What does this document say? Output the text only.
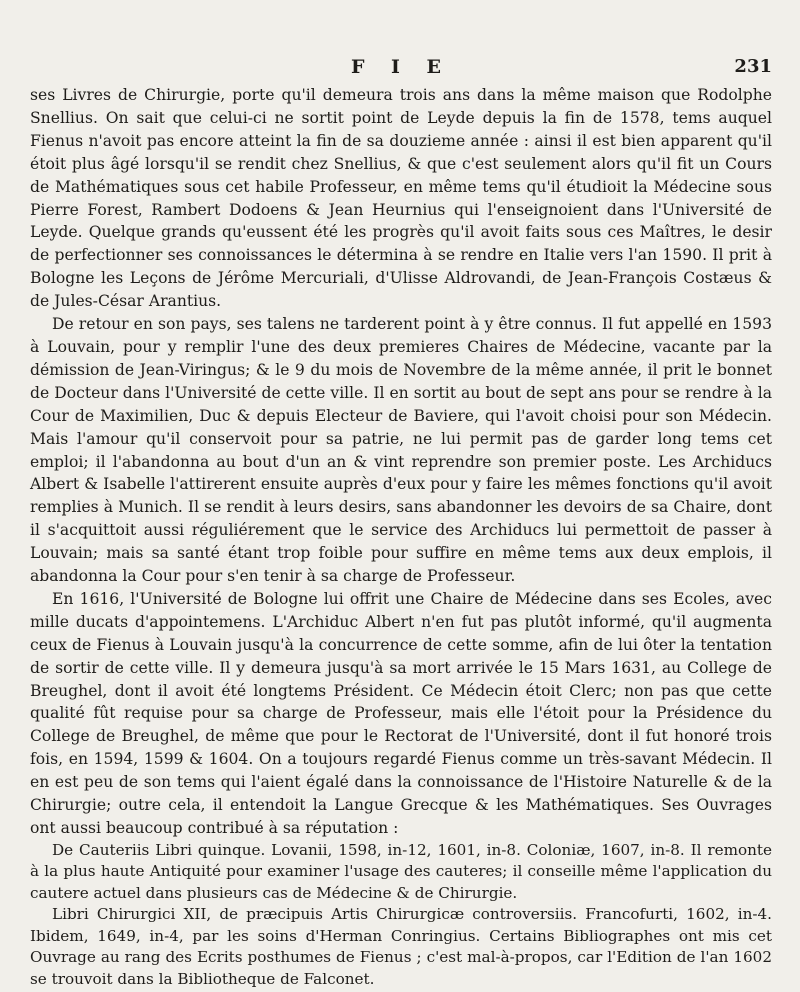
F I E	231

ses Livres de Chirurgie, porte qu'il demeura trois ans dans la même maison que Rodolphe Snellius. On sait que celui-ci ne sortit point de Leyde depuis la fin de 1578, tems auquel Fienus n'avoit pas encore atteint la fin de sa douzieme année : ainsi il est bien apparent qu'il étoit plus âgé lorsqu'il se rendit chez Snellius, & que c'est seulement alors qu'il fit un Cours de Mathématiques sous cet habile Professeur, en même tems qu'il étudioit la Médecine sous Pierre Forest, Rambert Dodoens & Jean Heurnius qui l'enseignoient dans l'Université de Leyde. Quelque grands qu'eussent été les progrès qu'il avoit faits sous ces Maîtres, le desir de perfectionner ses connoissances le détermina à se rendre en Italie vers l'an 1590. Il prit à Bologne les Leçons de Jérôme Mercuriali, d'Ulisse Aldrovandi, de Jean-François Costæus & de Jules-César Arantius.

De retour en son pays, ses talens ne tarderent point à y être connus. Il fut appellé en 1593 à Louvain, pour y remplir l'une des deux premieres Chaires de Médecine, vacante par la démission de Jean-Viringus; & le 9 du mois de Novembre de la même année, il prit le bonnet de Docteur dans l'Université de cette ville. Il en sortit au bout de sept ans pour se rendre à la Cour de Maximilien, Duc & depuis Electeur de Baviere, qui l'avoit choisi pour son Médecin. Mais l'amour qu'il conservoit pour sa patrie, ne lui permit pas de garder long tems cet emploi; il l'abandonna au bout d'un an & vint reprendre son premier poste. Les Archiducs Albert & Isabelle l'attirerent ensuite auprès d'eux pour y faire les mêmes fonctions qu'il avoit remplies à Munich. Il se rendit à leurs desirs, sans abandonner les devoirs de sa Chaire, dont il s'acquittoit aussi réguliérement que le service des Archiducs lui permettoit de passer à Louvain; mais sa santé étant trop foible pour suffire en même tems aux deux emplois, il abandonna la Cour pour s'en tenir à sa charge de Professeur.

En 1616, l'Université de Bologne lui offrit une Chaire de Médecine dans ses Ecoles, avec mille ducats d'appointemens. L'Archiduc Albert n'en fut pas plutôt informé, qu'il augmenta ceux de Fienus à Louvain jusqu'à la concurrence de cette somme, afin de lui ôter la tentation de sortir de cette ville. Il y demeura jusqu'à sa mort arrivée le 15 Mars 1631, au College de Breughel, dont il avoit été longtems Président. Ce Médecin étoit Clerc; non pas que cette qualité fût requise pour sa charge de Professeur, mais elle l'étoit pour la Présidence du College de Breughel, de même que pour le Rectorat de l'Université, dont il fut honoré trois fois, en 1594, 1599 & 1604. On a toujours regardé Fienus comme un très-savant Médecin. Il en est peu de son tems qui l'aient égalé dans la connoissance de l'Histoire Naturelle & de la Chirurgie; outre cela, il entendoit la Langue Grecque & les Mathématiques. Ses Ouvrages ont aussi beaucoup contribué à sa réputation :

De Cauteriis Libri quinque. Lovanii, 1598, in-12, 1601, in-8. Coloniæ, 1607, in-8. Il remonte à la plus haute Antiquité pour examiner l'usage des cauteres; il conseille même l'application du cautere actuel dans plusieurs cas de Médecine & de Chirurgie.

Libri Chirurgici XII, de præcipuis Artis Chirurgicæ controversiis. Francofurti, 1602, in-4. Ibidem, 1649, in-4, par les soins d'Herman Conringius. Certains Bibliographes ont mis cet Ouvrage au rang des Ecrits posthumes de Fienus ; c'est mal-à-propos, car l'Edition de l'an 1602 se trouvoit dans la Bibliotheque de Falconet.
